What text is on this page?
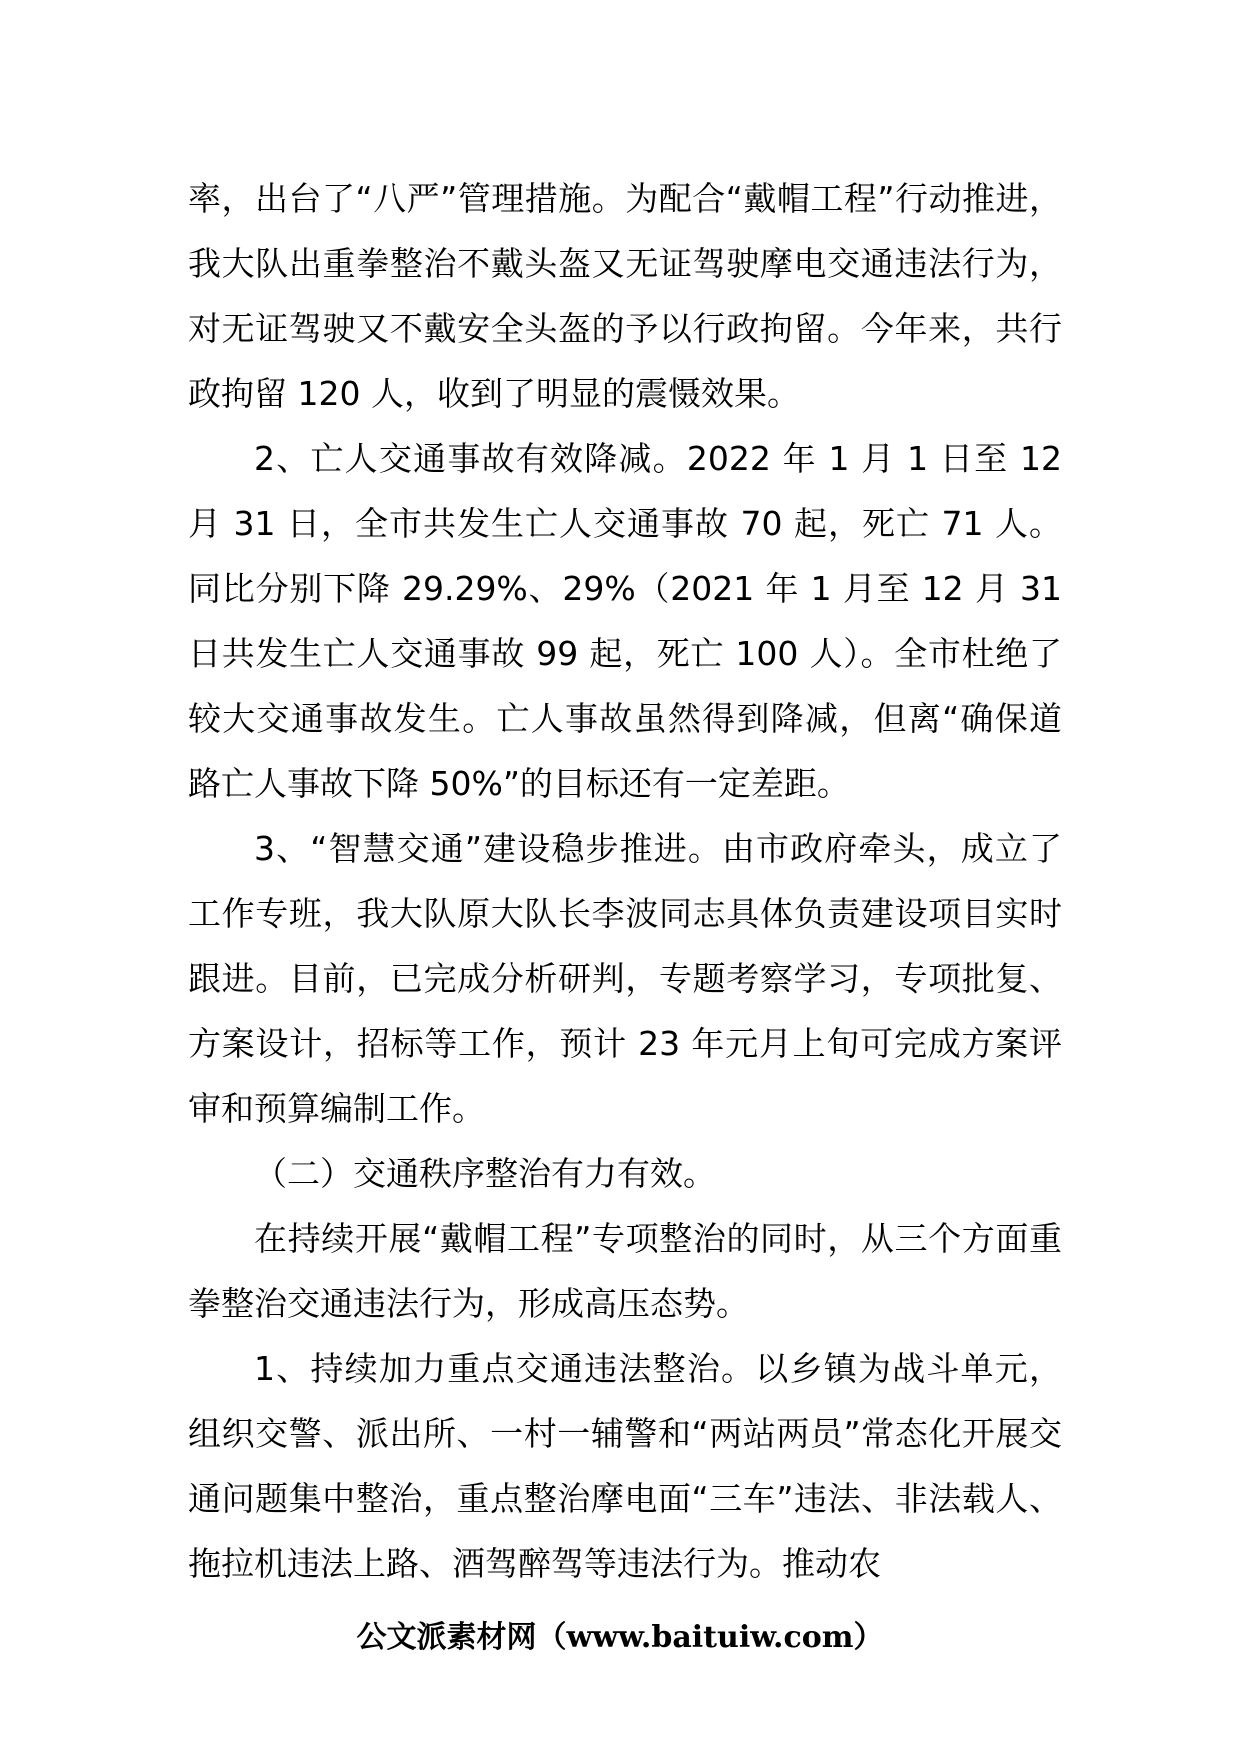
率，出台了“八严”管理措施。为配合“戴帽工程”行动推进，我大队出重拳整治不戴头盔又无证驾驶摩电交通违法行为，对无证驾驶又不戴安全头盔的予以行政拘留。今年来，共行政拘留 120 人，收到了明显的震慑效果。

2、亡人交通事故有效降减。2022 年 1 月 1 日至 12 月 31 日，全市共发生亡人交通事故 70 起，死亡 71 人。同比分别下降 29.29%、29%（2021 年 1 月至 12 月 31 日共发生亡人交通事故 99 起，死亡 100 人）。全市杜绝了较大交通事故发生。亡人事故虽然得到降减，但离“确保道路亡人事故下降 50%”的目标还有一定差距。

3、“智慧交通”建设稳步推进。由市政府牵头，成立了工作专班，我大队原大队长李波同志具体负责建设项目实时跟进。目前，已完成分析研判，专题考察学习，专项批复、方案设计，招标等工作，预计 23 年元月上旬可完成方案评审和预算编制工作。

（二）交通秩序整治有力有效。

在持续开展“戴帽工程”专项整治的同时，从三个方面重拳整治交通违法行为，形成高压态势。

1、持续加力重点交通违法整治。以乡镇为战斗单元，组织交警、派出所、一村一辅警和“两站两员”常态化开展交通问题集中整治，重点整治摩电面“三车”违法、非法载人、拖拉机违法上路、酒驾醉驾等违法行为。推动农

公文派素材网（www.baituiw.com）
